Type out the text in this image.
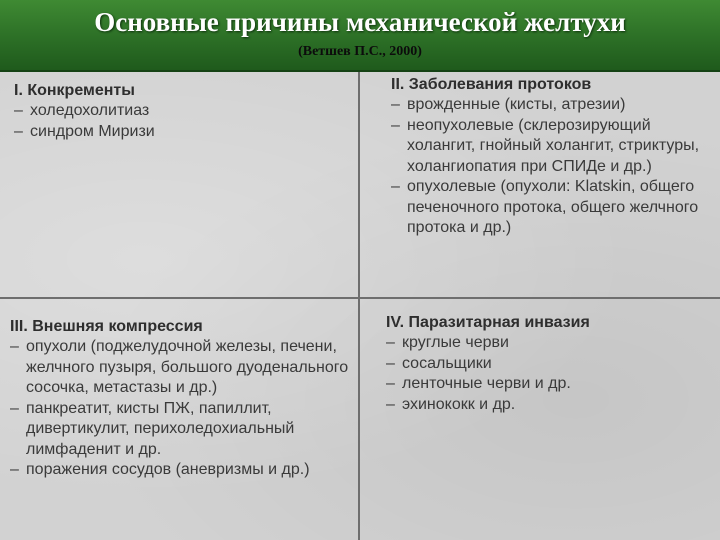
Основные причины механической желтухи
(Ветшев П.С., 2000)
I. Конкременты
– холедохолитиаз
– синдром Миризи
II. Заболевания протоков
– врожденные (кисты, атрезии)
– неопухолевые (склерозирующий холангит, гнойный холангит, стриктуры, холангиопатия при СПИДе и др.)
– опухолевые (опухоли: Klatskin, общего печеночного протока, общего желчного протока и др.)
III. Внешняя компрессия
– опухоли (поджелудочной железы, печени, желчного пузыря, большого дуоденального сосочка, метастазы и др.)
– панкреатит, кисты ПЖ, папиллит, дивертикулит, перихоледохиальный лимфаденит и др.
– поражения сосудов (аневризмы и др.)
IV. Паразитарная инвазия
– круглые черви
– сосальщики
– ленточные черви и др.
– эхинококк и др.
